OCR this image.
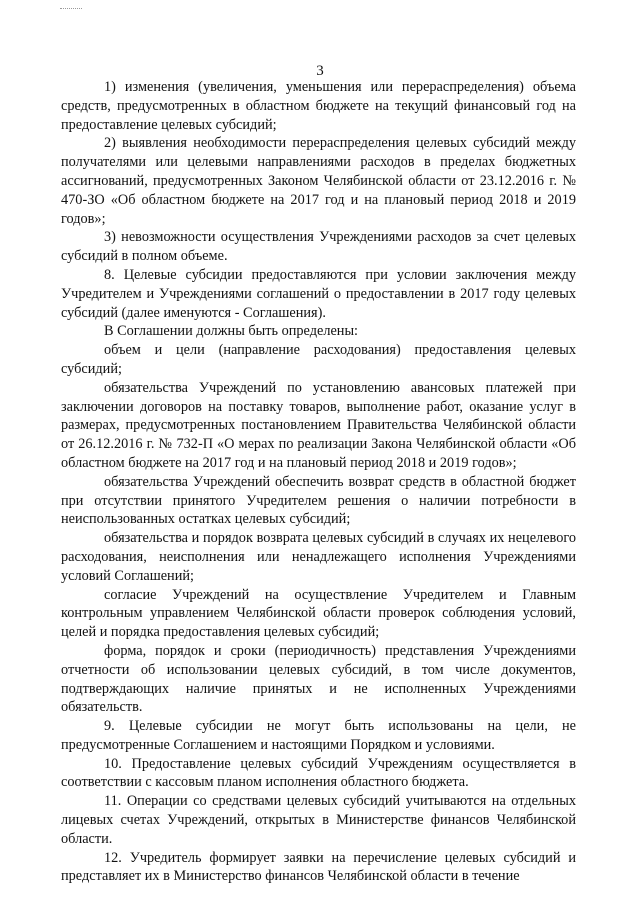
3

1) изменения (увеличения, уменьшения или перераспределения) объема средств, предусмотренных в областном бюджете на текущий финансовый год на предоставление целевых субсидий;

2) выявления необходимости перераспределения целевых субсидий между получателями или целевыми направлениями расходов в пределах бюджетных ассигнований, предусмотренных Законом Челябинской области от 23.12.2016 г. № 470-ЗО «Об областном бюджете на 2017 год и на плановый период 2018 и 2019 годов»;

3) невозможности осуществления Учреждениями расходов за счет целевых субсидий в полном объеме.

8. Целевые субсидии предоставляются при условии заключения между Учредителем и Учреждениями соглашений о предоставлении в 2017 году целевых субсидий (далее именуются - Соглашения).

В Соглашении должны быть определены:

объем и цели (направление расходования) предоставления целевых субсидий;

обязательства Учреждений по установлению авансовых платежей при заключении договоров на поставку товаров, выполнение работ, оказание услуг в размерах, предусмотренных постановлением Правительства Челябинской области от 26.12.2016 г. № 732-П «О мерах по реализации Закона Челябинской области «Об областном бюджете на 2017 год и на плановый период 2018 и 2019 годов»;

обязательства Учреждений обеспечить возврат средств в областной бюджет при отсутствии принятого Учредителем решения о наличии потребности в неиспользованных остатках целевых субсидий;

обязательства и порядок возврата целевых субсидий в случаях их нецелевого расходования, неисполнения или ненадлежащего исполнения Учреждениями условий Соглашений;

согласие Учреждений на осуществление Учредителем и Главным контрольным управлением Челябинской области проверок соблюдения условий, целей и порядка предоставления целевых субсидий;

форма, порядок и сроки (периодичность) представления Учреждениями отчетности об использовании целевых субсидий, в том числе документов, подтверждающих наличие принятых и не исполненных Учреждениями обязательств.

9. Целевые субсидии не могут быть использованы на цели, не предусмотренные Соглашением и настоящими Порядком и условиями.

10. Предоставление целевых субсидий Учреждениям осуществляется в соответствии с кассовым планом исполнения областного бюджета.

11. Операции со средствами целевых субсидий учитываются на отдельных лицевых счетах Учреждений, открытых в Министерстве финансов Челябинской области.

12. Учредитель формирует заявки на перечисление целевых субсидий и представляет их в Министерство финансов Челябинской области в течение
